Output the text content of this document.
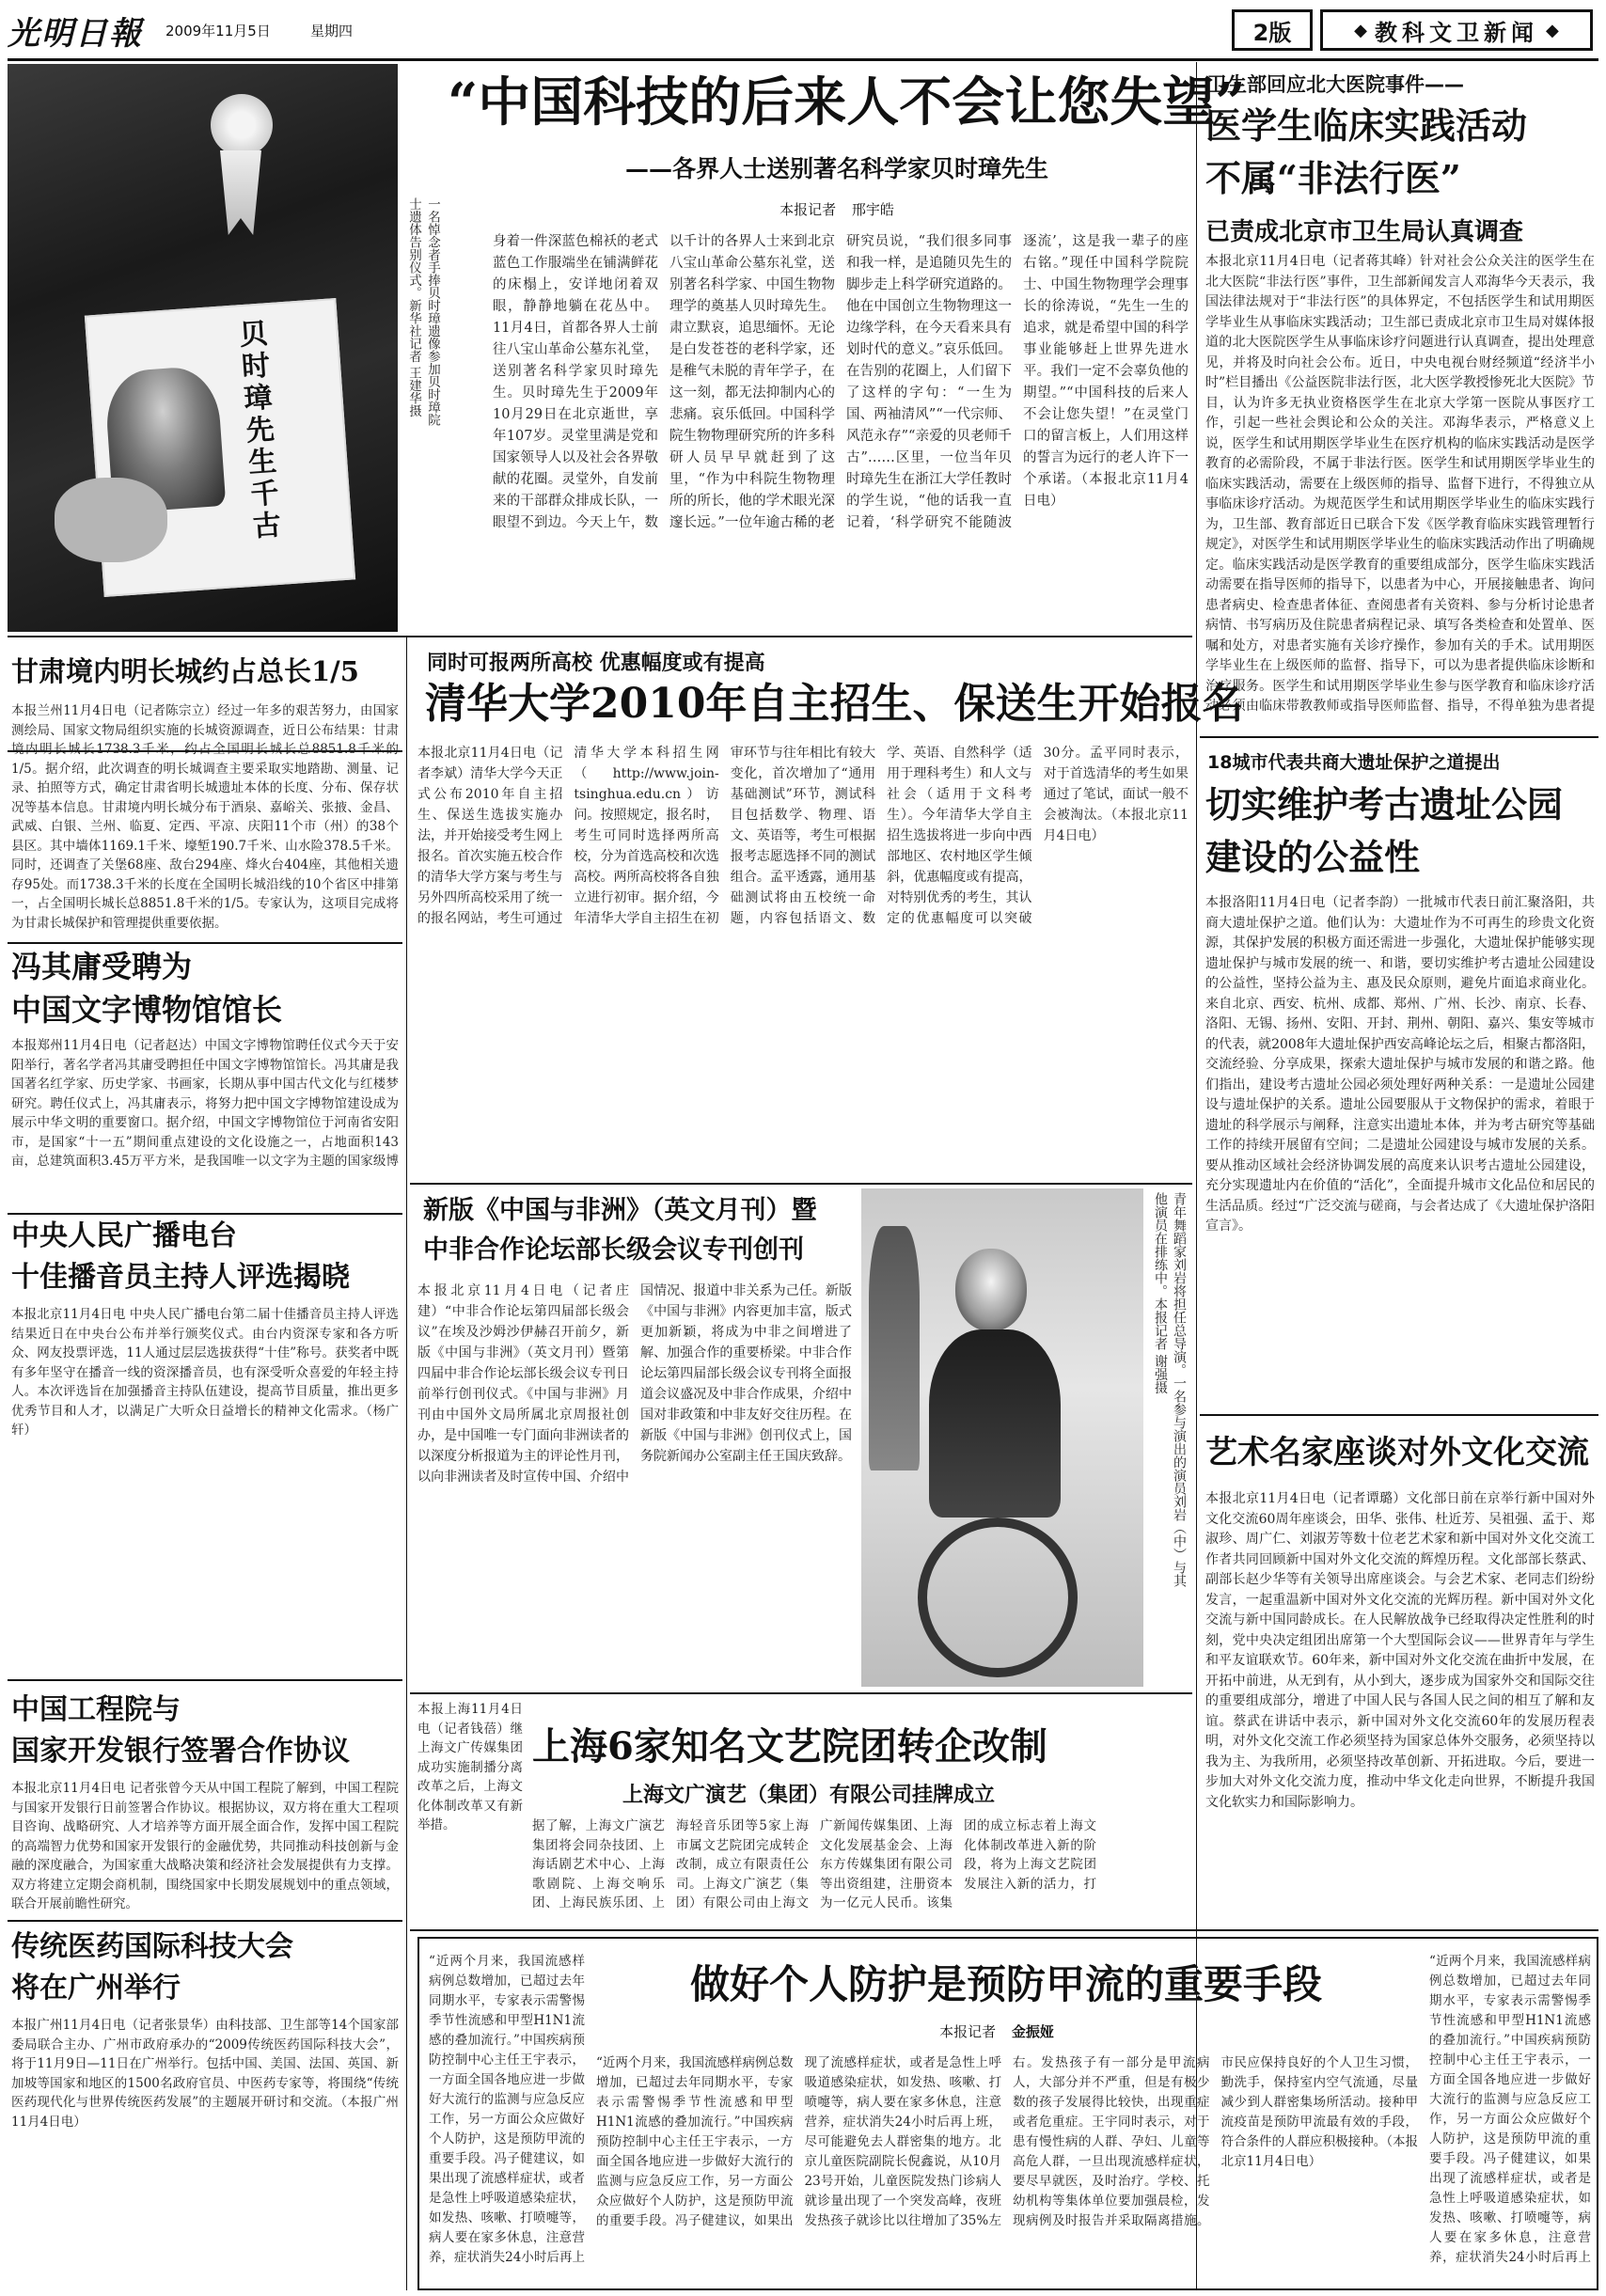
光明日報 2009年11月5日	星期四	2版	◆ 教科文卫新闻 ◆
贝时璋先生千古
一名悼念者手捧贝时璋遗像参加贝时璋院士遗体告别仪式。新华社记者 王建华摄
“中国科技的后来人不会让您失望”
——各界人士送别著名科学家贝时璋先生
本报记者 邢宇皓
身着一件深蓝色棉袄的老式蓝色工作服端坐在铺满鲜花的床榻上，安详地闭着双眼，静静地躺在花丛中。11月4日，首都各界人士前往八宝山革命公墓东礼堂，送别著名科学家贝时璋先生。贝时璋先生于2009年10月29日在北京逝世，享年107岁。灵堂里满是党和国家领导人以及社会各界敬献的花圈。灵堂外，自发前来的干部群众排成长队，一眼望不到边。今天上午，数以千计的各界人士来到北京八宝山革命公墓东礼堂，送别著名科学家、中国生物物理学的奠基人贝时璋先生。肃立默哀，追思缅怀。无论是白发苍苍的老科学家，还是稚气未脱的青年学子，在这一刻，都无法抑制内心的悲痛。哀乐低回。中国科学院生物物理研究所的许多科研人员早早就赶到了这里，“作为中科院生物物理所的所长，他的学术眼光深邃长远。”一位年逾古稀的老研究员说，“我们很多同事和我一样，是追随贝先生的脚步走上科学研究道路的。他在中国创立生物物理这一边缘学科，在今天看来具有划时代的意义。”哀乐低回。在告别的花圈上，人们留下了这样的字句：“一生为国、两袖清风”“一代宗师、风范永存”“亲爱的贝老师千古”……区里，一位当年贝时璋先生在浙江大学任教时的学生说，“他的话我一直记着，‘科学研究不能随波逐流’，这是我一辈子的座右铭。”现任中国科学院院士、中国生物物理学会理事长的徐涛说，“先生一生的追求，就是希望中国的科学事业能够赶上世界先进水平。我们一定不会辜负他的期望。”“中国科技的后来人不会让您失望！”在灵堂门口的留言板上，人们用这样的誓言为远行的老人许下一个承诺。（本报北京11月4日电）
卫生部回应北大医院事件——
医学生临床实践活动
不属“非法行医”
已责成北京市卫生局认真调查
本报北京11月4日电（记者蒋其峰）针对社会公众关注的医学生在北大医院“非法行医”事件，卫生部新闻发言人邓海华今天表示，我国法律法规对于“非法行医”的具体界定，不包括医学生和试用期医学毕业生从事临床实践活动；卫生部已责成北京市卫生局对媒体报道的北大医院医学生从事临床诊疗问题进行认真调查，提出处理意见，并将及时向社会公布。近日，中央电视台财经频道“经济半小时”栏目播出《公益医院非法行医，北大医学教授惨死北大医院》节目，认为许多无执业资格医学生在北京大学第一医院从事医疗工作，引起一些社会舆论和公众的关注。邓海华表示，严格意义上说，医学生和试用期医学毕业生在医疗机构的临床实践活动是医学教育的必需阶段，不属于非法行医。医学生和试用期医学毕业生的临床实践活动，需要在上级医师的指导、监督下进行，不得独立从事临床诊疗活动。为规范医学生和试用期医学毕业生的临床实践行为，卫生部、教育部近日已联合下发《医学教育临床实践管理暂行规定》，对医学生和试用期医学毕业生的临床实践活动作出了明确规定。临床实践活动是医学教育的重要组成部分，医学生临床实践活动需要在指导医师的指导下，以患者为中心，开展接触患者、询问患者病史、检查患者体征、查阅患者有关资料、参与分析讨论患者病情、书写病历及住院患者病程记录、填写各类检查和处置单、医嘱和处方，对患者实施有关诊疗操作，参加有关的手术。试用期医学毕业生在上级医师的监督、指导下，可以为患者提供临床诊断和治疗服务。医学生和试用期医学毕业生参与医学教育和临床诊疗活动必须由临床带教教师或指导医师监督、指导，不得单独为患者提
18城市代表共商大遗址保护之道提出
切实维护考古遗址公园
建设的公益性
本报洛阳11月4日电（记者李韵）一批城市代表日前汇聚洛阳，共商大遗址保护之道。他们认为：大遗址作为不可再生的珍贵文化资源，其保护发展的积极方面还需进一步强化，大遗址保护能够实现遗址保护与城市发展的统一、和谐，要切实维护考古遗址公园建设的公益性，坚持公益为主、惠及民众原则，避免片面追求商业化。来自北京、西安、杭州、成都、郑州、广州、长沙、南京、长春、洛阳、无锡、扬州、安阳、开封、荆州、朝阳、嘉兴、集安等城市的代表，就2008年大遗址保护西安高峰论坛之后，相聚古都洛阳，交流经验、分享成果，探索大遗址保护与城市发展的和谐之路。他们指出，建设考古遗址公园必须处理好两种关系：一是遗址公园建设与遗址保护的关系。遗址公园要服从于文物保护的需求，着眼于遗址的科学展示与阐释，注意实出遗址本体，并为考古研究等基础工作的持续开展留有空间；二是遗址公园建设与城市发展的关系。要从推动区域社会经济协调发展的高度来认识考古遗址公园建设，充分实现遗址内在价值的“活化”，全面提升城市文化品位和居民的生活品质。经过“广泛交流与磋商，与会者达成了《大遗址保护洛阳宣言》。
艺术名家座谈对外文化交流
本报北京11月4日电（记者谭璐）文化部日前在京举行新中国对外文化交流60周年座谈会，田华、张伟、杜近芳、吴祖强、孟于、郑淑珍、周广仁、刘淑芳等数十位老艺术家和新中国对外文化交流工作者共同回顾新中国对外文化交流的辉煌历程。文化部部长蔡武、副部长赵少华等有关领导出席座谈会。与会艺术家、老同志们纷纷发言，一起重温新中国对外文化交流的光辉历程。新中国对外文化交流与新中国同龄成长。在人民解放战争已经取得决定性胜利的时刻，党中央决定组团出席第一个大型国际会议——世界青年与学生和平友谊联欢节。60年来，新中国对外文化交流在曲折中发展，在开拓中前进，从无到有，从小到大，逐步成为国家外交和国际交往的重要组成部分，增进了中国人民与各国人民之间的相互了解和友谊。蔡武在讲话中表示，新中国对外文化交流60年的发展历程表明，对外文化交流工作必须坚持为国家总体外交服务，必须坚持以我为主、为我所用，必须坚持改革创新、开拓进取。今后，要进一步加大对外文化交流力度，推动中华文化走向世界，不断提升我国文化软实力和国际影响力。
甘肃境内明长城约占总长1/5
本报兰州11月4日电（记者陈宗立）经过一年多的艰苦努力，由国家测绘局、国家文物局组织实施的长城资源调查，近日公布结果：甘肃境内明长城长1738.3千米，约占全国明长城长总8851.8千米的1/5。据介绍，此次调查的明长城调查主要采取实地踏勘、测量、记录、拍照等方式，确定甘肃省明长城遗址本体的长度、分布、保存状况等基本信息。甘肃境内明长城分布于酒泉、嘉峪关、张掖、金昌、武威、白银、兰州、临夏、定西、平凉、庆阳11个市（州）的38个县区。其中墙体1169.1千米、壕堑190.7千米、山水险378.5千米。同时，还调查了关堡68座、敌台294座、烽火台404座，其他相关遗存95处。而1738.3千米的长度在全国明长城沿线的10个省区中排第一，占全国明长城长总8851.8千米的1/5。专家认为，这项目完成将为甘肃长城保护和管理提供重要依据。
冯其庸受聘为
中国文字博物馆馆长
本报郑州11月4日电（记者赵达）中国文字博物馆聘任仪式今天于安阳举行，著名学者冯其庸受聘担任中国文字博物馆馆长。冯其庸是我国著名红学家、历史学家、书画家，长期从事中国古代文化与红楼梦研究。聘任仪式上，冯其庸表示，将努力把中国文字博物馆建设成为展示中华文明的重要窗口。据介绍，中国文字博物馆位于河南省安阳市，是国家“十一五”期间重点建设的文化设施之一，占地面积143亩，总建筑面积3.45万平方米，是我国唯一以文字为主题的国家级博
中央人民广播电台
十佳播音员主持人评选揭晓
本报北京11月4日电 中央人民广播电台第二届十佳播音员主持人评选结果近日在中央台公布并举行颁奖仪式。由台内资深专家和各方听众、网友投票评选，11人通过层层选拔获得“十佳”称号。获奖者中既有多年坚守在播音一线的资深播音员，也有深受听众喜爱的年轻主持人。本次评选旨在加强播音主持队伍建设，提高节目质量，推出更多优秀节目和人才，以满足广大听众日益增长的精神文化需求。（杨广轩）
中国工程院与
国家开发银行签署合作协议
本报北京11月4日电 记者张曾今天从中国工程院了解到，中国工程院与国家开发银行日前签署合作协议。根据协议，双方将在重大工程项目咨询、战略研究、人才培养等方面开展全面合作，发挥中国工程院的高端智力优势和国家开发银行的金融优势，共同推动科技创新与金融的深度融合，为国家重大战略决策和经济社会发展提供有力支撑。双方将建立定期会商机制，围绕国家中长期发展规划中的重点领域，联合开展前瞻性研究。
传统医药国际科技大会
将在广州举行
本报广州11月4日电（记者张景华）由科技部、卫生部等14个国家部委局联合主办、广州市政府承办的“2009传统医药国际科技大会”，将于11月9日—11日在广州举行。包括中国、美国、法国、英国、新加坡等国家和地区的1500名政府官员、中医药专家等，将围绕“传统医药现代化与世界传统医药发展”的主题展开研讨和交流。（本报广州11月4日电）
同时可报两所高校 优惠幅度或有提高
清华大学2010年自主招生、保送生开始报名
本报北京11月4日电（记者李斌）清华大学今天正式公布2010年自主招生、保送生选拔实施办法，并开始接受考生网上报名。首次实施五校合作的清华大学方案与考生与另外四所高校采用了统一的报名网站，考生可通过清华大学本科招生网（http://www.join-tsinghua.edu.cn）访问。按照规定，报名时，考生可同时选择两所高校，分为首选高校和次选高校。两所高校将各自独立进行初审。据介绍，今年清华大学自主招生在初审环节与往年相比有较大变化，首次增加了“通用基础测试”环节，测试科目包括数学、物理、语文、英语等，考生可根据报考志愿选择不同的测试组合。孟平透露，通用基础测试将由五校统一命题，内容包括语文、数学、英语、自然科学（适用于理科考生）和人文与社会（适用于文科考生）。今年清华大学自主招生选拔将进一步向中西部地区、农村地区学生倾斜，优惠幅度或有提高，对特别优秀的考生，其认定的优惠幅度可以突破30分。孟平同时表示，对于首选清华的考生如果通过了笔试，面试一般不会被淘汰。（本报北京11月4日电）
新版《中国与非洲》（英文月刊）暨
中非合作论坛部长级会议专刊创刊
本报北京11月4日电（记者庄建）“中非合作论坛第四届部长级会议”在埃及沙姆沙伊赫召开前夕，新版《中国与非洲》（英文月刊）暨第四届中非合作论坛部长级会议专刊日前举行创刊仪式。《中国与非洲》月刊由中国外文局所属北京周报社创办，是中国唯一专门面向非洲读者的以深度分析报道为主的评论性月刊，以向非洲读者及时宣传中国、介绍中国情况、报道中非关系为己任。新版《中国与非洲》内容更加丰富，版式更加新颖，将成为中非之间增进了解、加强合作的重要桥梁。中非合作论坛第四届部长级会议专刊将全面报道会议盛况及中非合作成果，介绍中国对非政策和中非友好交往历程。在新版《中国与非洲》创刊仪式上，国务院新闻办公室副主任王国庆致辞。	青年舞蹈家刘岩将担任总导演。一名参与演出的演员刘岩（中）与其他演员在排练中。本报记者 谢强摄
本报上海11月4日电（记者钱蓓）继上海文广传媒集团成功实施制播分离改革之后，上海文化体制改革又有新举措。
上海6家知名文艺院团转企改制
上海文广演艺（集团）有限公司挂牌成立
据了解，上海文广演艺集团将会同杂技团、上海话剧艺术中心、上海歌剧院、上海交响乐团、上海民族乐团、上海轻音乐团等5家上海市属文艺院团完成转企改制，成立有限责任公司。上海文广演艺（集团）有限公司由上海文广新闻传媒集团、上海文化发展基金会、上海东方传媒集团有限公司等出资组建，注册资本为一亿元人民币。该集团的成立标志着上海文化体制改革进入新的阶段，将为上海文艺院团发展注入新的活力，打
做好个人防护是预防甲流的重要手段
本报记者 金振娅
“近两个月来，我国流感样病例总数增加，已超过去年同期水平，专家表示需警惕季节性流感和甲型H1N1流感的叠加流行。”中国疾病预防控制中心主任王宇表示，一方面全国各地应进一步做好大流行的监测与应急反应工作，另一方面公众应做好个人防护，这是预防甲流的重要手段。冯子健建议，如果出现了流感样症状，或者是急性上呼吸道感染症状，如发热、咳嗽、打喷嚏等，病人要在家多休息，注意营养，症状消失24小时后再上
“近两个月来，我国流感样病例总数增加，已超过去年同期水平，专家表示需警惕季节性流感和甲型H1N1流感的叠加流行。”中国疾病预防控制中心主任王宇表示，一方面全国各地应进一步做好大流行的监测与应急反应工作，另一方面公众应做好个人防护，这是预防甲流的重要手段。冯子健建议，如果出现了流感样症状，或者是急性上呼吸道感染症状，如发热、咳嗽、打喷嚏等，病人要在家多休息，注意营养，症状消失24小时后再上班，尽可能避免去人群密集的地方。北京儿童医院副院长倪鑫说，从10月23号开始，儿童医院发热门诊病人就诊量出现了一个突发高峰，夜班发热孩子就诊比以往增加了35%左右。发热孩子有一部分是甲流病人，大部分并不严重，但是有极少数的孩子发展得比较快，出现重症或者危重症。王宇同时表示，对于患有慢性病的人群、孕妇、儿童等高危人群，一旦出现流感样症状，要尽早就医，及时治疗。学校、托幼机构等集体单位要加强晨检，发现病例及时报告并采取隔离措施。市民应保持良好的个人卫生习惯，勤洗手，保持室内空气流通，尽量减少到人群密集场所活动。接种甲流疫苗是预防甲流最有效的手段，符合条件的人群应积极接种。（本报北京11月4日电）
“近两个月来，我国流感样病例总数增加，已超过去年同期水平，专家表示需警惕季节性流感和甲型H1N1流感的叠加流行。”中国疾病预防控制中心主任王宇表示，一方面全国各地应进一步做好大流行的监测与应急反应工作，另一方面公众应做好个人防护，这是预防甲流的重要手段。冯子健建议，如果出现了流感样症状，或者是急性上呼吸道感染症状，如发热、咳嗽、打喷嚏等，病人要在家多休息，注意营养，症状消失24小时后再上
